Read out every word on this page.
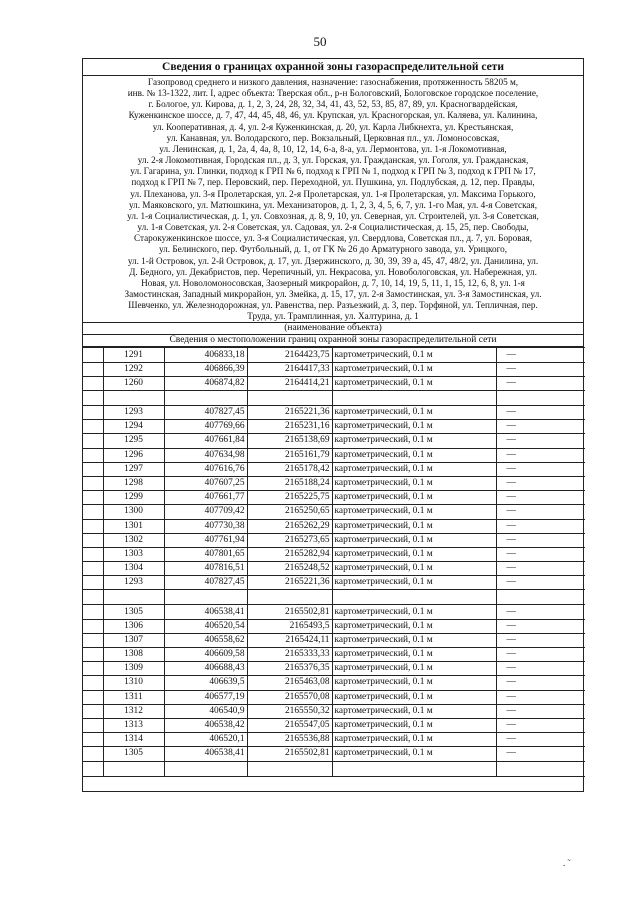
50
Сведения о границах охранной зоны газораспределительной сети
Газопровод среднего и низкого давления, назначение: газоснабжения, протяженность 58205 м,
инв. № 13-1322, лит. I, адрес объекта: Тверская обл., р-н Бологовский, Бологовское городское поселение,
г. Бологое, ул. Кирова, д. 1, 2, 3, 24, 28, 32, 34, 41, 43, 52, 53, 85, 87, 89, ул. Красногвардейская,
Куженкинское шоссе, д. 7, 47, 44, 45, 48, 46, ул. Крупская, ул. Красногорская, ул. Каляева, ул. Калинина,
ул. Кооперативная, д. 4, ул. 2-я Куженкинская, д. 20, ул. Карла Либкнехта, ул. Крестьянская,
ул. Канавная, ул. Володарского, пер. Вокзальный, Церковная пл., ул. Ломоносовская,
ул. Ленинская, д. 1, 2а, 4, 4а, 8, 10, 12, 14, 6-а, 8-а, ул. Лермонтова, ул. 1-я Локомотивная,
ул. 2-я Локомотивная, Городская пл., д. 3, ул. Горская, ул. Гражданская, ул. Гоголя, ул. Гражданская,
ул. Гагарина, ул. Глинки, подход к ГРП № 6, подход к ГРП № 1, подход к ГРП № 3, подход к ГРП № 17,
подход к ГРП № 7, пер. Перовский, пер. Переходной, ул. Пушкина, ул. Подлубская, д. 12, пер. Правды,
ул. Плеханова, ул. 3-я Пролетарская, ул. 2-я Пролетарская, ул. 1-я Пролетарская, ул. Максима Горького,
ул. Маяковского, ул. Матюшкина, ул. Механизаторов, д. 1, 2, 3, 4, 5, 6, 7, ул. 1-го Мая, ул. 4-я Советская,
ул. 1-я Социалистическая, д. 1, ул. Совхозная, д. 8, 9, 10, ул. Северная, ул. Строителей, ул. 3-я Советская,
ул. 1-я Советская, ул. 2-я Советская, ул. Садовая, ул. 2-я Социалистическая, д. 15, 25, пер. Свободы,
Старокуженкинское шоссе, ул. 3-я Социалистическая, ул. Свердлова, Советская пл., д. 7, ул. Боровая,
ул. Белинского, пер. Футбольный, д. 1, от ГК № 26 до Арматурного завода, ул. Урицкого,
ул. 1-й Островок, ул. 2-й Островок, д. 17, ул. Дзержинского, д. 30, 39, 39 а, 45, 47, 48/2, ул. Данилина, ул.
Д. Бедного, ул. Декабристов, пер. Черепичный, ул. Некрасова, ул. Новобологовская, ул. Набережная, ул.
Новая, ул. Новоломоносовская, Заозерный микрорайон, д. 7, 10, 14, 19, 5, 11, 1, 15, 12, 6, 8, ул. 1-я
Замостинская, Западный микрорайон, ул. Змейка, д. 15, 17, ул. 2-я Замостинская, ул. 3-я Замостинская, ул.
Шевченко, ул. Железнодорожная, ул. Равенства, пер. Разъезжий, д. 3, пер. Торфяной, ул. Тепличная, пер.
Труда, ул. Трамплинная, ул. Халтурина, д. 1
(наименование объекта)
Сведения о местоположении границ охранной зоны газораспределительной сети
	1291	406833,18	2164423,75	картометрический, 0.1 м	—
	1292	406866,39	2164417,33	картометрический, 0.1 м	—
	1260	406874,82	2164414,21	картометрический, 0.1 м	—

	1293	407827,45	2165221,36	картометрический, 0.1 м	—
	1294	407769,66	2165231,16	картометрический, 0.1 м	—
	1295	407661,84	2165138,69	картометрический, 0.1 м	—
	1296	407634,98	2165161,79	картометрический, 0.1 м	—
	1297	407616,76	2165178,42	картометрический, 0.1 м	—
	1298	407607,25	2165188,24	картометрический, 0.1 м	—
	1299	407661,77	2165225,75	картометрический, 0.1 м	—
	1300	407709,42	2165250,65	картометрический, 0.1 м	—
	1301	407730,38	2165262,29	картометрический, 0.1 м	—
	1302	407761,94	2165273,65	картометрический, 0.1 м	—
	1303	407801,65	2165282,94	картометрический, 0.1 м	—
	1304	407816,51	2165248,52	картометрический, 0.1 м	—
	1293	407827,45	2165221,36	картометрический, 0.1 м	—

	1305	406538,41	2165502,81	картометрический, 0.1 м	—
	1306	406520,54	2165493,5	картометрический, 0.1 м	—
	1307	406558,62	2165424,11	картометрический, 0.1 м	—
	1308	406609,58	2165333,33	картометрический, 0.1 м	—
	1309	406688,43	2165376,35	картометрический, 0.1 м	—
	1310	406639,5	2165463,08	картометрический, 0.1 м	—
	1311	406577,19	2165570,08	картометрический, 0.1 м	—
	1312	406540,9	2165550,32	картометрический, 0.1 м	—
	1313	406538,42	2165547,05	картометрический, 0.1 м	—
	1314	406520,1	2165536,88	картометрический, 0.1 м	—
	1305	406538,41	2165502,81	картометрический, 0.1 м	—

. ˜
